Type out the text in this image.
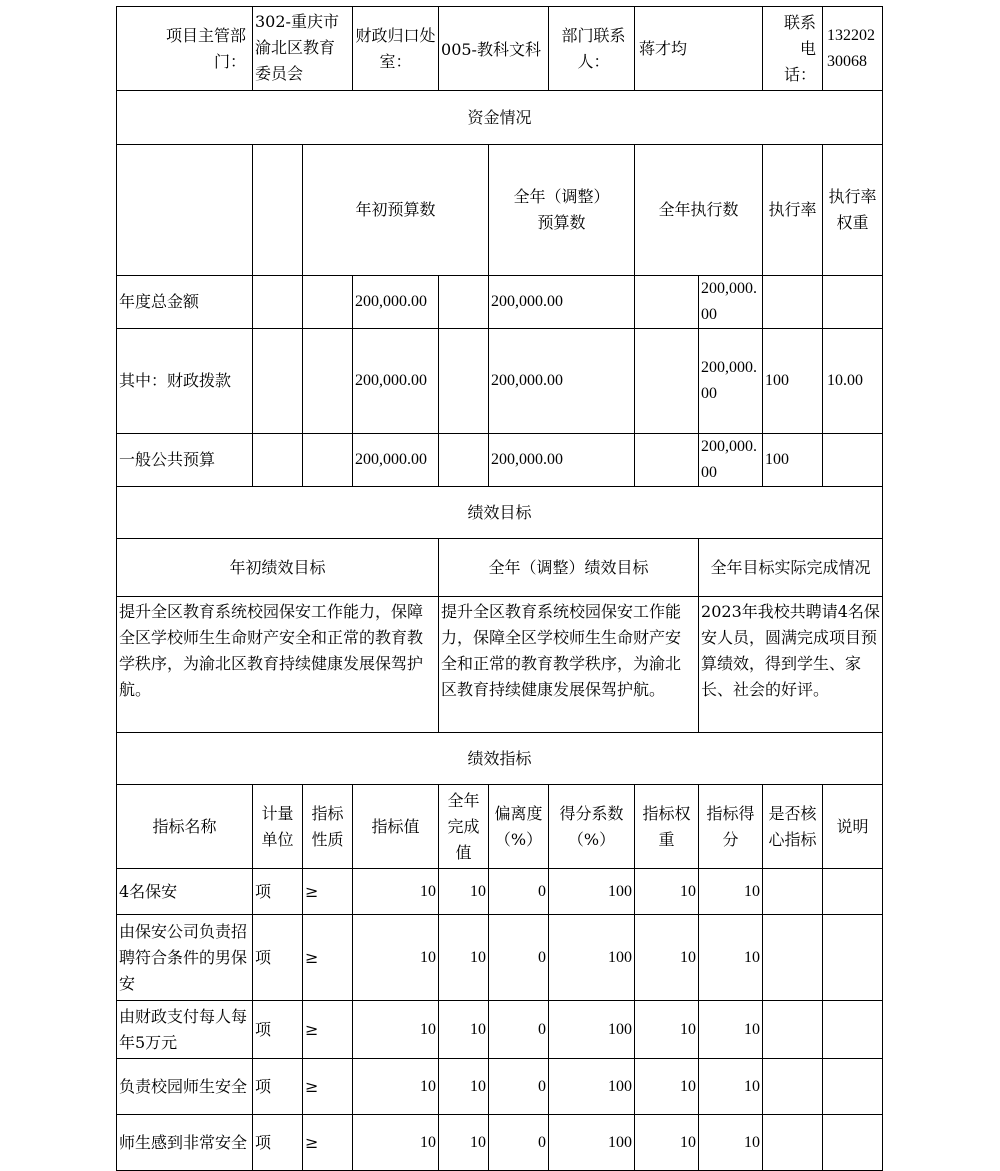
项目主管部门：	302-重庆市渝北区教育委员会		财政归口处室：	005-教科文科		部门联系人：	蒋才均		联系电话：	13220230068	
资金情况											
		年初预算数			全年（调整）预算数		全年执行数		执行率	执行率权重	
年度总金额			200,000.00		200,000.00			200,000.00			
其中：财政拨款			200,000.00		200,000.00			200,000.00	100	10.00	
一般公共预算			200,000.00		200,000.00			200,000.00	100		
绩效目标											
年初绩效目标				全年（调整）绩效目标				全年目标实际完成情况			
提升全区教育系统校园保安工作能力，保障全区学校师生生命财产安全和正常的教育教学秩序，为渝北区教育持续健康发展保驾护航。				提升全区教育系统校园保安工作能力，保障全区学校师生生命财产安全和正常的教育教学秩序，为渝北区教育持续健康发展保驾护航。				2023年我校共聘请4名保安人员，圆满完成项目预算绩效，得到学生、家长、社会的好评。			
绩效指标											
指标名称	计量单位	指标性质	指标值	全年完成值	偏离度（%）	得分系数（%）	指标权重	指标得分	是否核心指标	说明	
4名保安	项	≥	10	10	0	100	10	10			
由保安公司负责招聘符合条件的男保安	项	≥	10	10	0	100	10	10			
由财政支付每人每年5万元	项	≥	10	10	0	100	10	10			
负责校园师生安全	项	≥	10	10	0	100	10	10			
师生感到非常安全	项	≥	10	10	0	100	10	10			
